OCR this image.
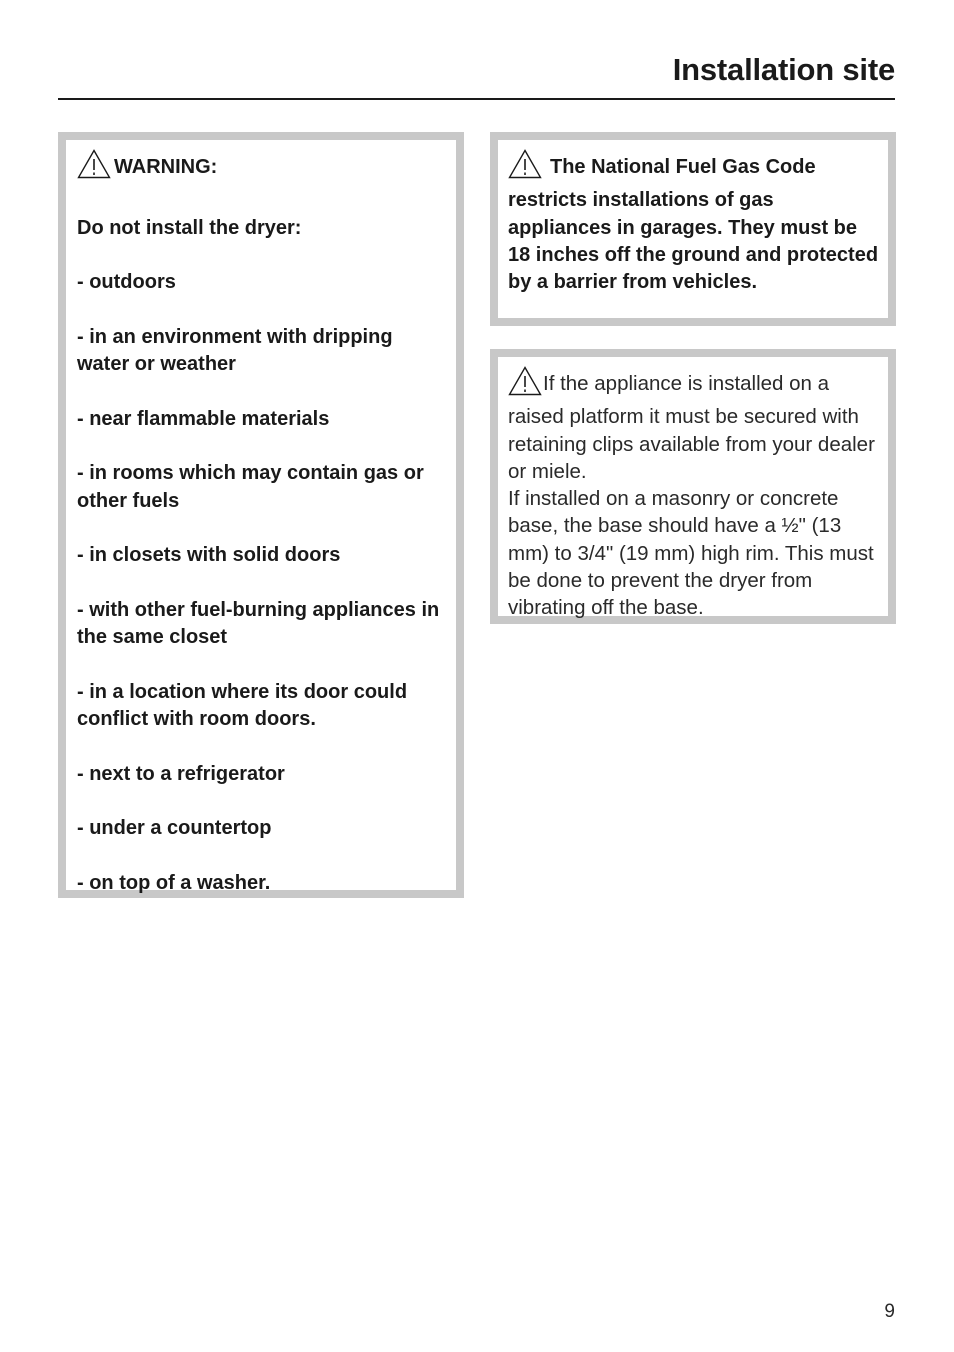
Installation site

WARNING:

Do not install the dryer:

- outdoors

- in an environment with dripping water or weather

- near flammable materials

- in rooms which may contain gas or other fuels

- in closets with solid doors

- with other fuel-burning appliances in the same closet

- in a location where its door could conflict with room doors.

- next to a refrigerator

- under a countertop

- on top of a washer.

The National Fuel Gas Code restricts installations of gas appliances in garages. They must be 18 inches off the ground and protected by a barrier from vehicles.

If the appliance is installed on a raised platform it must be secured with retaining clips available from your dealer or miele.

If installed on a masonry or concrete base, the base should have a ½" (13 mm) to 3/4" (19 mm) high rim. This must be done to prevent the dryer from vibrating off the base.

9
